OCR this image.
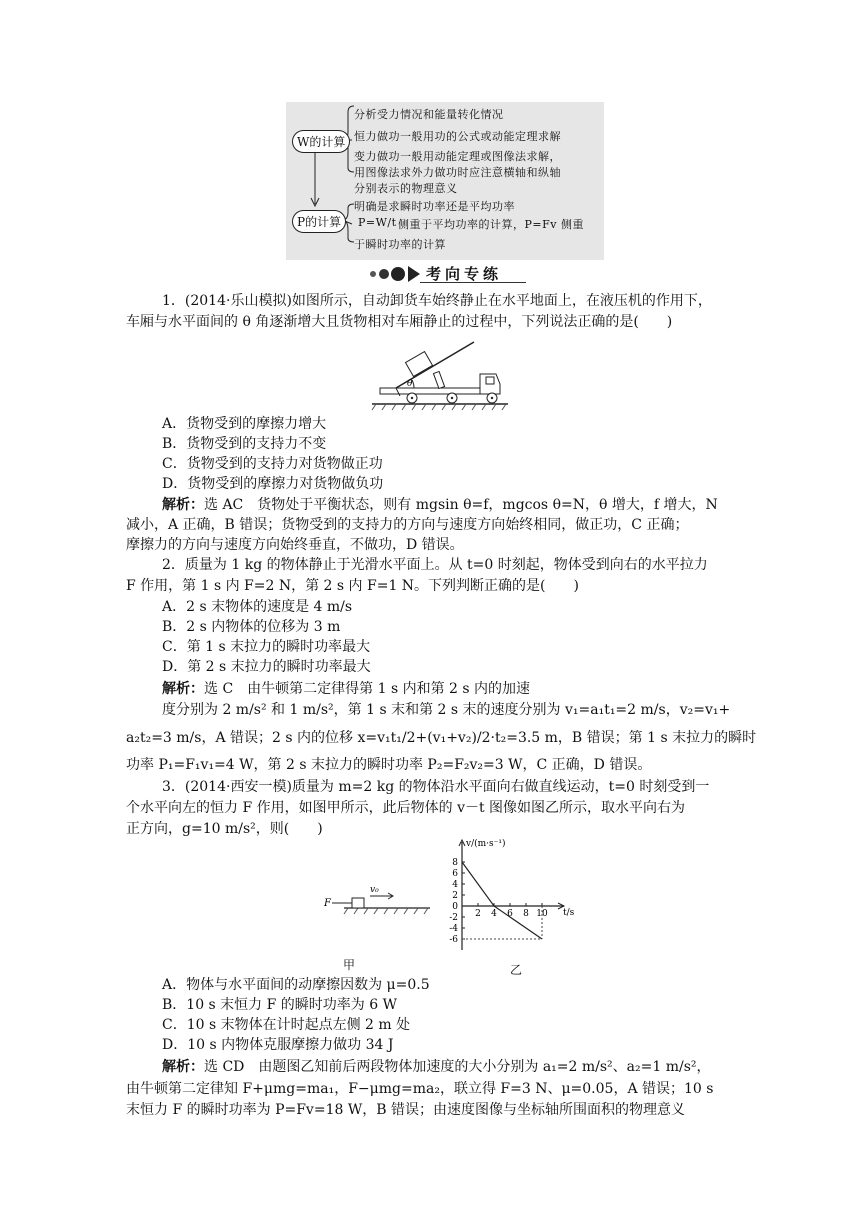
W的计算
P的计算
分析受力情况和能量转化情况
恒力做功一般用功的公式或动能定理求解
变力做功一般用动能定理或图像法求解，
用图像法求外力做功时应注意横轴和纵轴
分别表示的物理意义
明确是求瞬时功率还是平均功率
P=W/t 侧重于平均功率的计算，P=Fv 侧重
于瞬时功率的计算
考向专练
1．(2014·乐山模拟)如图所示，自动卸货车始终静止在水平地面上，在液压机的作用下，
车厢与水平面间的 θ 角逐渐增大且货物相对车厢静止的过程中，下列说法正确的是(　　)
θ
A．货物受到的摩擦力增大
B．货物受到的支持力不变
C．货物受到的支持力对货物做正功
D．货物受到的摩擦力对货物做负功
解析：选 AC　货物处于平衡状态，则有 mgsin θ=f，mgcos θ=N，θ 增大，f 增大，N
减小，A 正确，B 错误；货物受到的支持力的方向与速度方向始终相同，做正功，C 正确；
摩擦力的方向与速度方向始终垂直，不做功，D 错误。
2．质量为 1 kg 的物体静止于光滑水平面上。从 t=0 时刻起，物体受到向右的水平拉力
F 作用，第 1 s 内 F=2 N，第 2 s 内 F=1 N。下列判断正确的是(　　)
A．2 s 末物体的速度是 4 m/s
B．2 s 内物体的位移为 3 m
C．第 1 s 末拉力的瞬时功率最大
D．第 2 s 末拉力的瞬时功率最大
解析：选 C　由牛顿第二定律得第 1 s 内和第 2 s 内的加速
度分别为 2 m/s² 和 1 m/s²，第 1 s 末和第 2 s 末的速度分别为 v₁=a₁t₁=2 m/s，v₂=v₁+
a₂t₂=3 m/s，A 错误；2 s 内的位移 x=v₁t₁/2+(v₁+v₂)/2·t₂=3.5 m，B 错误；第 1 s 末拉力的瞬时
功率 P₁=F₁v₁=4 W，第 2 s 末拉力的瞬时功率 P₂=F₂v₂=3 W，C 正确，D 错误。
3．(2014·西安一模)质量为 m=2 kg 的物体沿水平面向右做直线运动，t=0 时刻受到一
个水平向左的恒力 F 作用，如图甲所示，此后物体的 v－t 图像如图乙所示，取水平向右为
正方向，g=10 m/s²，则(　　)
F
v₀
甲
v/(m·s⁻¹)
t/s
-6
-4
-2
2
4
6
8
0
2 4 6 8 10
乙
A．物体与水平面间的动摩擦因数为 μ=0.5
B．10 s 末恒力 F 的瞬时功率为 6 W
C．10 s 末物体在计时起点左侧 2 m 处
D．10 s 内物体克服摩擦力做功 34 J
解析：选 CD　由题图乙知前后两段物体加速度的大小分别为 a₁=2 m/s²、a₂=1 m/s²，
由牛顿第二定律知 F+μmg=ma₁，F−μmg=ma₂，联立得 F=3 N、μ=0.05，A 错误；10 s
末恒力 F 的瞬时功率为 P=Fv=18 W，B 错误；由速度图像与坐标轴所围面积的物理意义
